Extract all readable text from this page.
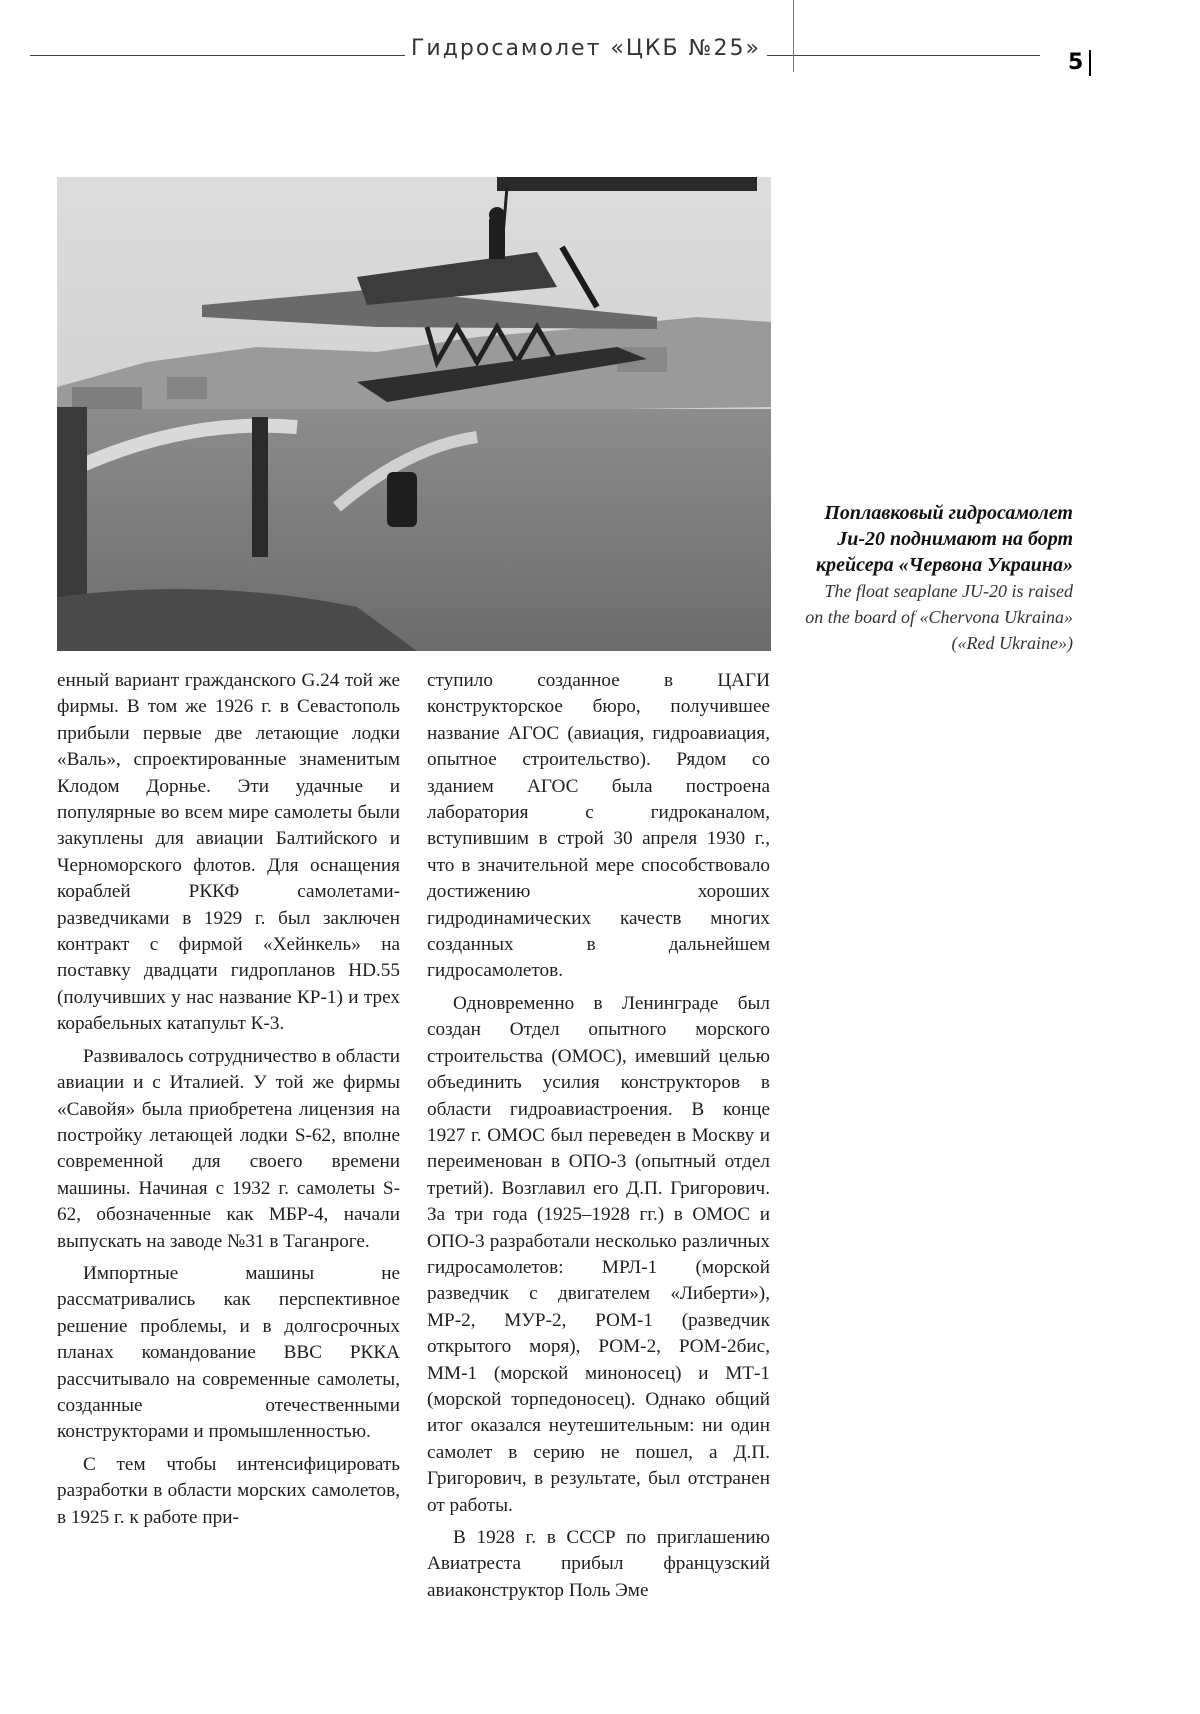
Гидросамолет «ЦКБ №25»
5
Поплавковый гидросамолет
Ju-20 поднимают на борт
крейсера «Червона Украина»
The float seaplane JU-20 is raised
on the board of «Chervona Ukraina»
(«Red Ukraine»)

енный вариант гражданского G.24 той же фирмы. В том же 1926 г. в Севастополь прибыли первые две летающие лодки «Валь», спроектированные знаменитым Клодом Дорнье. Эти удачные и популярные во всем мире самолеты были закуплены для авиации Балтийского и Черноморского флотов. Для оснащения кораблей РККФ самолетами-разведчиками в 1929 г. был заключен контракт с фирмой «Хейнкель» на поставку двадцати гидропланов HD.55 (получивших у нас название КР-1) и трех корабельных катапульт К-3.

Развивалось сотрудничество в области авиации и с Италией. У той же фирмы «Савойя» была приобретена лицензия на постройку летающей лодки S-62, вполне современной для своего времени машины. Начиная с 1932 г. самолеты S-62, обозначенные как МБР-4, начали выпускать на заводе №31 в Таганроге.

Импортные машины не рассматривались как перспективное решение проблемы, и в долгосрочных планах командование ВВС РККА рассчитывало на современные самолеты, созданные отечественными конструкторами и промышленностью.

С тем чтобы интенсифицировать разработки в области морских самолетов, в 1925 г. к работе при-

ступило созданное в ЦАГИ конструкторское бюро, получившее название АГОС (авиация, гидроавиация, опытное строительство). Рядом со зданием АГОС была построена лаборатория с гидроканалом, вступившим в строй 30 апреля 1930 г., что в значительной мере способствовало достижению хороших гидродинамических качеств многих созданных в дальнейшем гидросамолетов.

Одновременно в Ленинграде был создан Отдел опытного морского строительства (ОМОС), имевший целью объединить усилия конструкторов в области гидроавиастроения. В конце 1927 г. ОМОС был переведен в Москву и переименован в ОПО-3 (опытный отдел третий). Возглавил его Д.П. Григорович. За три года (1925–1928 гг.) в ОМОС и ОПО-3 разработали несколько различных гидросамолетов: МРЛ-1 (морской разведчик с двигателем «Либерти»), МР-2, МУР-2, РОМ-1 (разведчик открытого моря), РОМ-2, РОМ-2бис, ММ-1 (морской миноносец) и МТ-1 (морской торпедоносец). Однако общий итог оказался неутешительным: ни один самолет в серию не пошел, а Д.П. Григорович, в результате, был отстранен от работы.

В 1928 г. в СССР по приглашению Авиатреста прибыл французский авиаконструктор Поль Эме
